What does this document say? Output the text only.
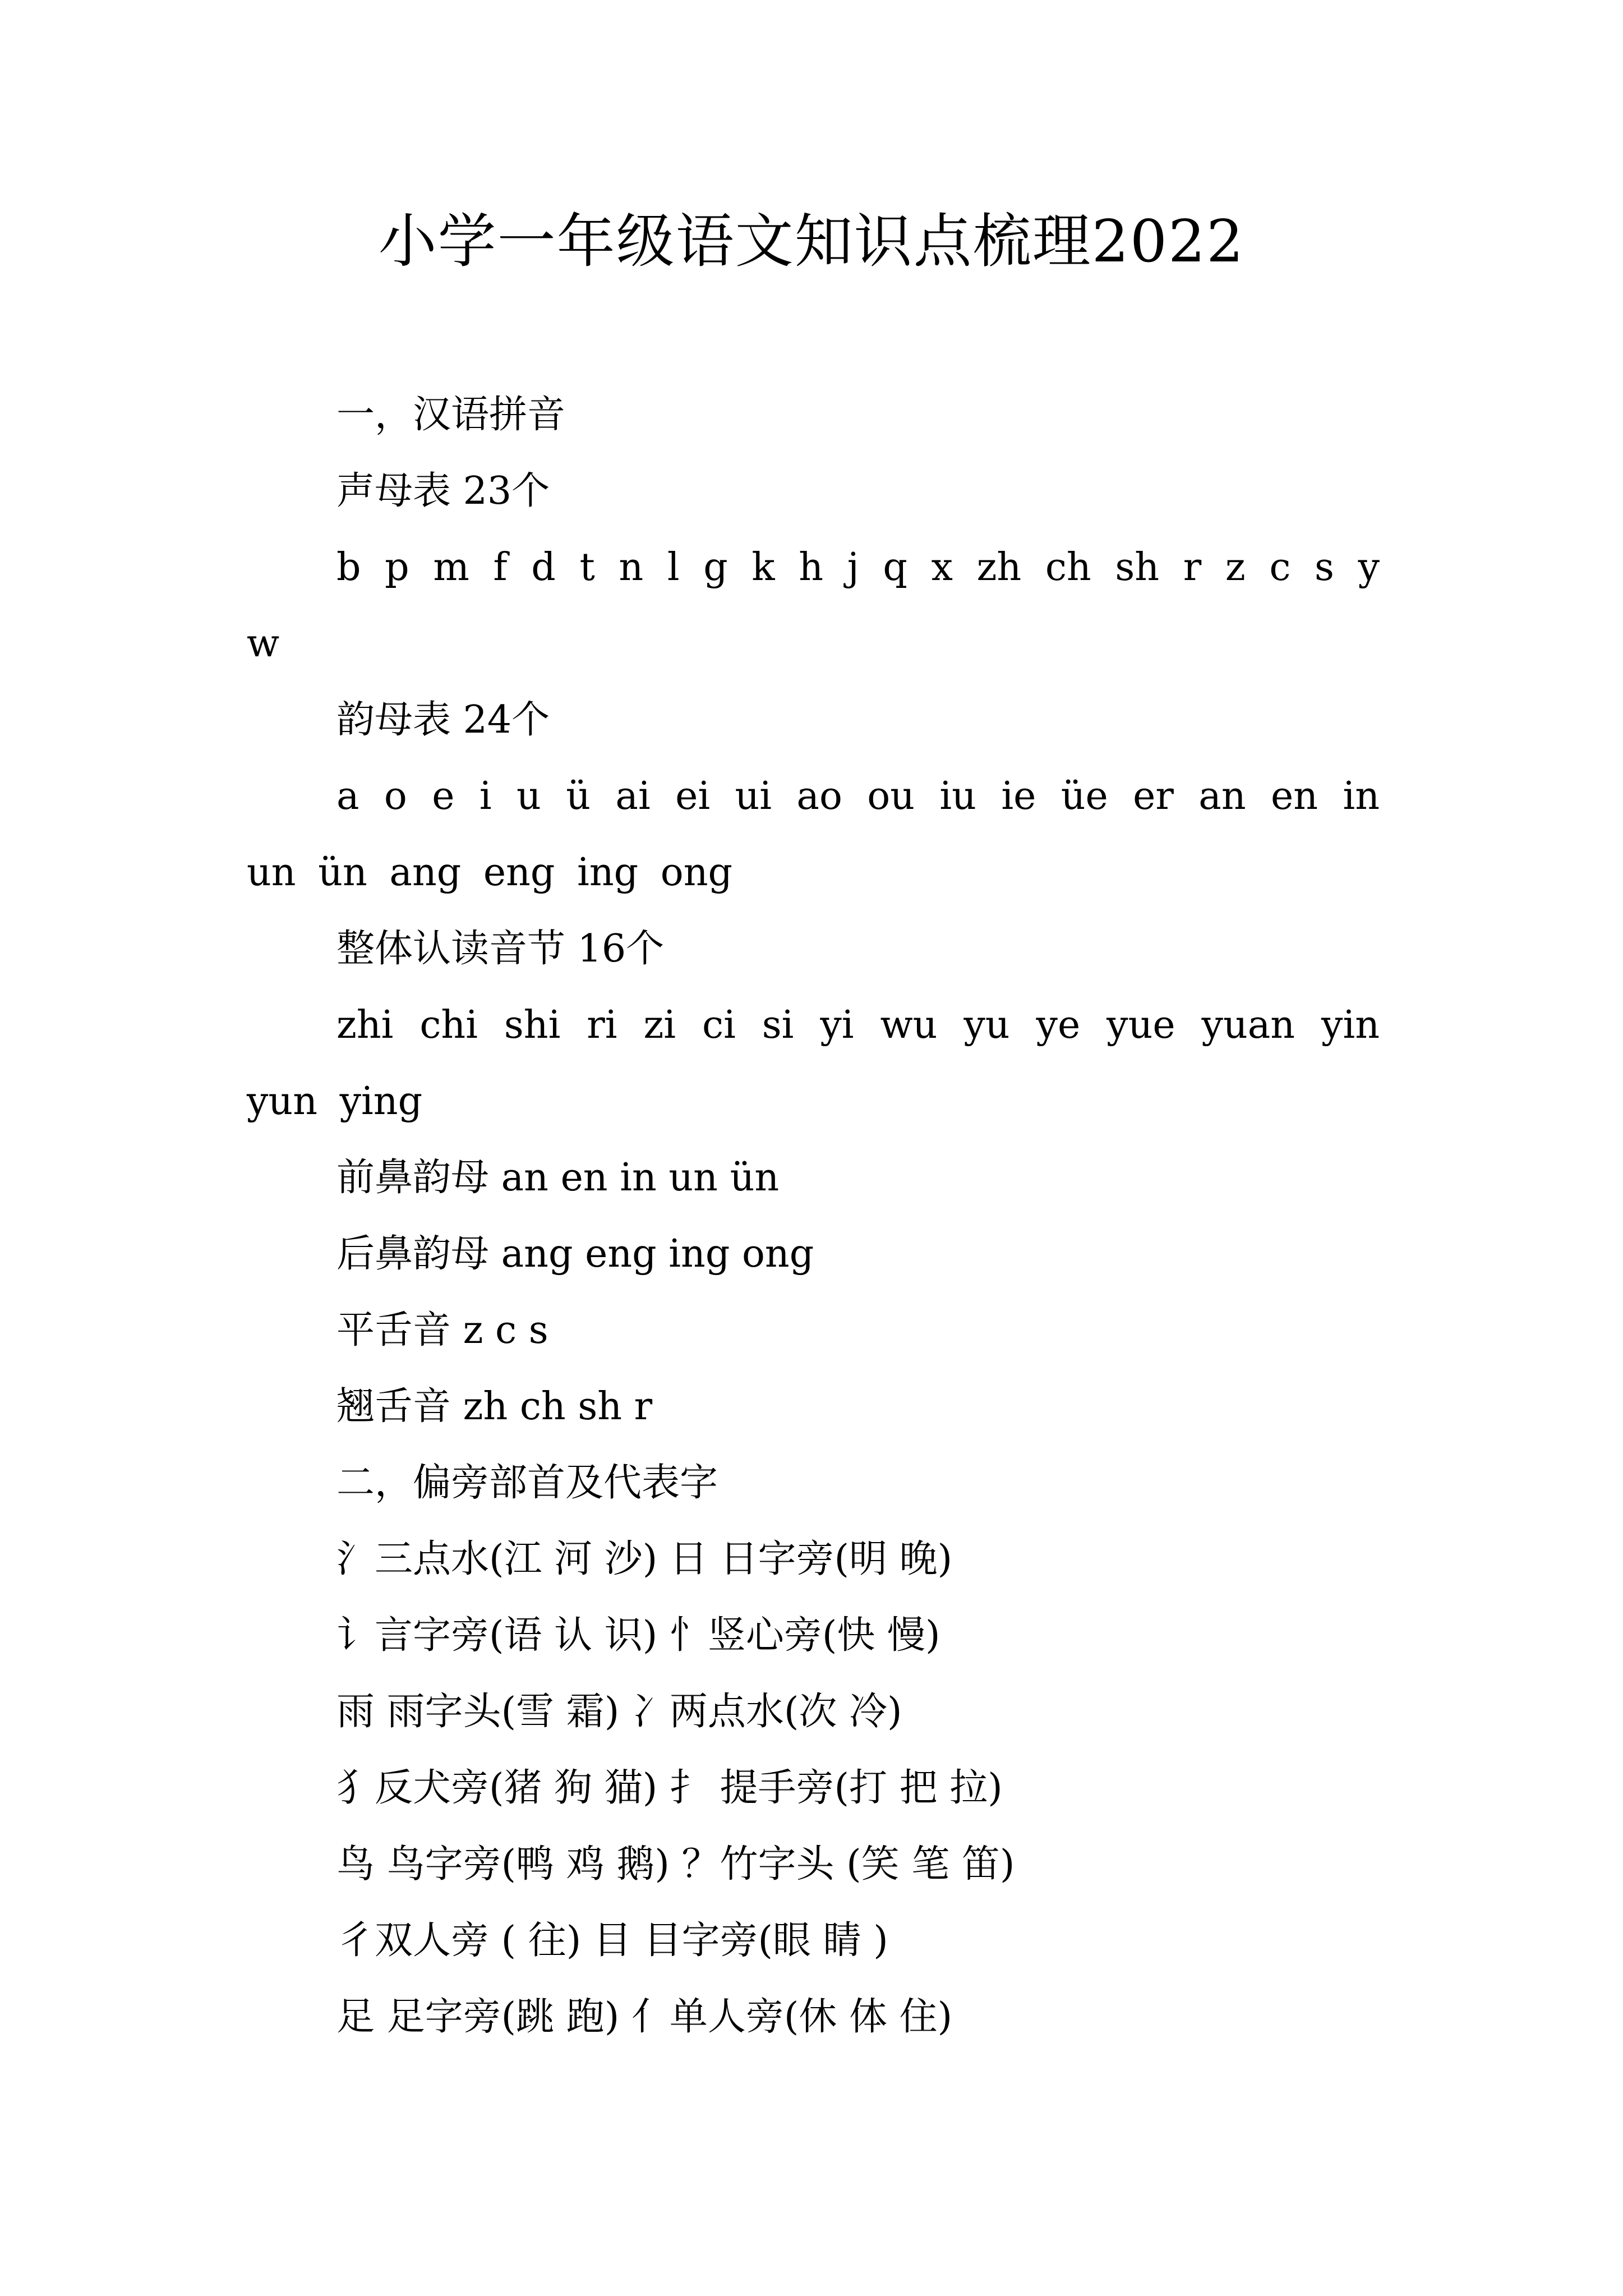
小学一年级语文知识点梳理2022

一，汉语拼音

声母表 23个

b p m f d t n l g k h j q x zh ch sh r z c s y w

韵母表 24个

a o e i u ü ai ei ui ao ou iu ie üe er an en in un ün ang eng ing ong

整体认读音节 16个

zhi chi shi ri zi ci si yi wu yu ye yue yuan yin yun ying

前鼻韵母 an en in un ün

后鼻韵母 ang eng ing ong

平舌音 z c s

翘舌音 zh ch sh r

二，偏旁部首及代表字

氵三点水(江 河 沙) 日 日字旁(明 晚)

讠言字旁(语 认 识) 忄竖心旁(快 慢)

雨 雨字头(雪 霜) 冫两点水(次 冷)

犭反犬旁(猪 狗 猫) 扌 提手旁(打 把 拉)

鸟 鸟字旁(鸭 鸡 鹅) ？竹字头 (笑 笔 笛)

彳双人旁 ( 往) 目 目字旁(眼 睛 )

足 足字旁(跳 跑) 亻单人旁(休 体 住)
